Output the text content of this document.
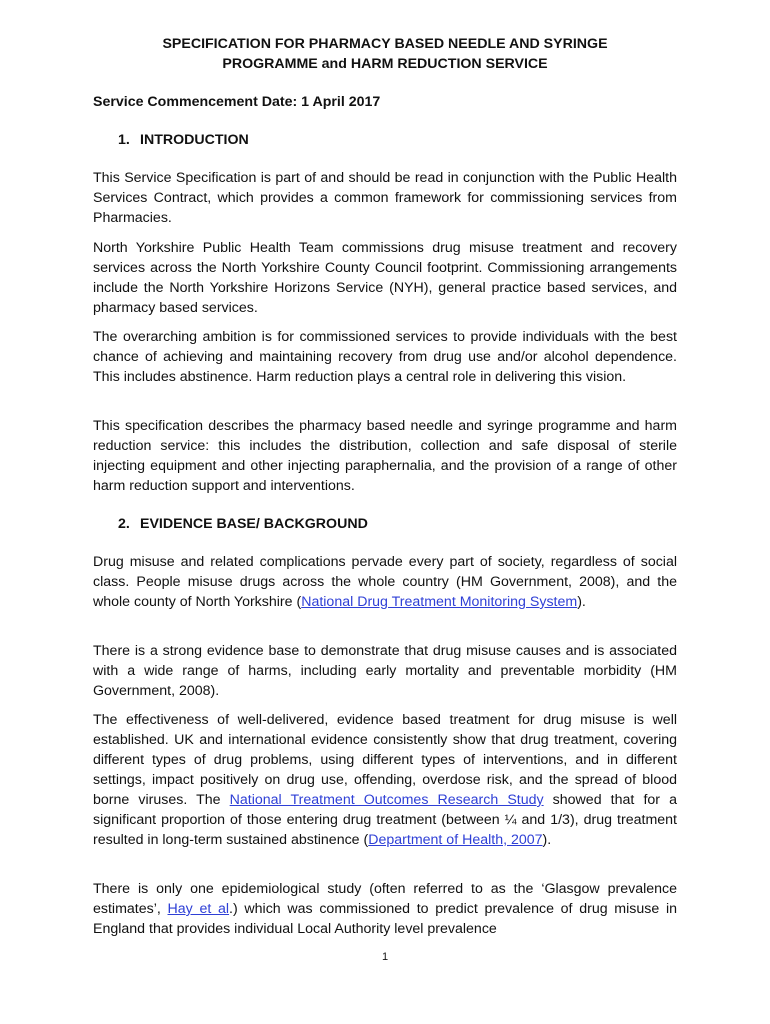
SPECIFICATION FOR PHARMACY BASED NEEDLE AND SYRINGE
PROGRAMME and HARM REDUCTION SERVICE
Service Commencement Date: 1 April 2017
1. INTRODUCTION

This Service Specification is part of and should be read in conjunction with the Public Health Services Contract, which provides a common framework for commissioning services from Pharmacies.

North Yorkshire Public Health Team commissions drug misuse treatment and recovery services across the North Yorkshire County Council footprint. Commissioning arrangements include the North Yorkshire Horizons Service (NYH), general practice based services, and pharmacy based services.

The overarching ambition is for commissioned services to provide individuals with the best chance of achieving and maintaining recovery from drug use and/or alcohol dependence. This includes abstinence. Harm reduction plays a central role in delivering this vision.

This specification describes the pharmacy based needle and syringe programme and harm reduction service: this includes the distribution, collection and safe disposal of sterile injecting equipment and other injecting paraphernalia, and the provision of a range of other harm reduction support and interventions.

2. EVIDENCE BASE/ BACKGROUND

Drug misuse and related complications pervade every part of society, regardless of social class. People misuse drugs across the whole country (HM Government, 2008), and the whole county of North Yorkshire (National Drug Treatment Monitoring System).

There is a strong evidence base to demonstrate that drug misuse causes and is associated with a wide range of harms, including early mortality and preventable morbidity (HM Government, 2008).

The effectiveness of well-delivered, evidence based treatment for drug misuse is well established. UK and international evidence consistently show that drug treatment, covering different types of drug problems, using different types of interventions, and in different settings, impact positively on drug use, offending, overdose risk, and the spread of blood borne viruses. The National Treatment Outcomes Research Study showed that for a significant proportion of those entering drug treatment (between ¼ and 1/3), drug treatment resulted in long-term sustained abstinence (Department of Health, 2007).

There is only one epidemiological study (often referred to as the ‘Glasgow prevalence estimates’, Hay et al.) which was commissioned to predict prevalence of drug misuse in England that provides individual Local Authority level prevalence

1
